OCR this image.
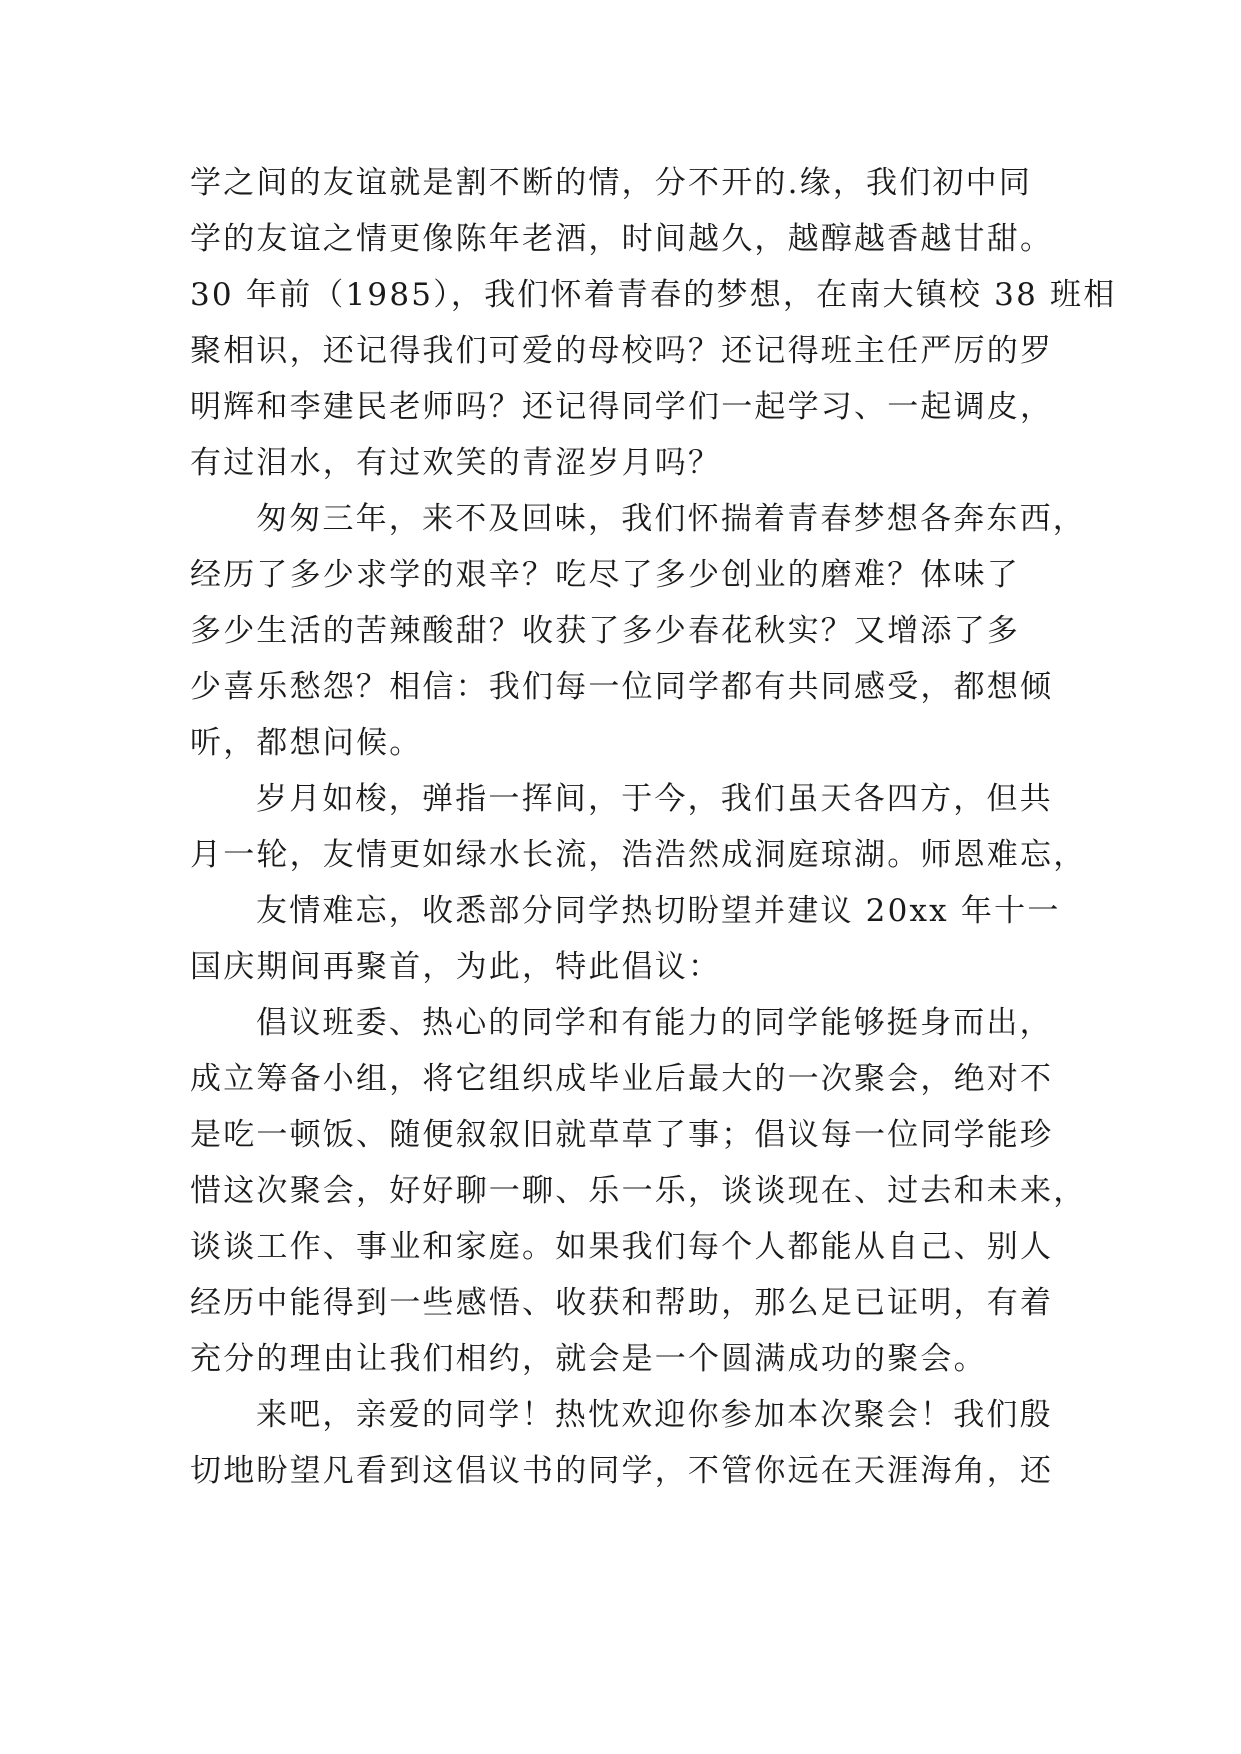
学之间的友谊就是割不断的情，分不开的.缘，我们初中同
学的友谊之情更像陈年老酒，时间越久，越醇越香越甘甜。
30 年前（1985），我们怀着青春的梦想，在南大镇校 38 班相
聚相识，还记得我们可爱的母校吗？还记得班主任严厉的罗
明辉和李建民老师吗？还记得同学们一起学习、一起调皮，
有过泪水，有过欢笑的青涩岁月吗？
匆匆三年，来不及回味，我们怀揣着青春梦想各奔东西，
经历了多少求学的艰辛？吃尽了多少创业的磨难？体味了
多少生活的苦辣酸甜？收获了多少春花秋实？又增添了多
少喜乐愁怨？相信：我们每一位同学都有共同感受，都想倾
听，都想问候。
岁月如梭，弹指一挥间，于今，我们虽天各四方，但共
月一轮，友情更如绿水长流，浩浩然成洞庭琼湖。师恩难忘，
友情难忘，收悉部分同学热切盼望并建议 20xx 年十一
国庆期间再聚首，为此，特此倡议：
倡议班委、热心的同学和有能力的同学能够挺身而出，
成立筹备小组，将它组织成毕业后最大的一次聚会，绝对不
是吃一顿饭、随便叙叙旧就草草了事；倡议每一位同学能珍
惜这次聚会，好好聊一聊、乐一乐，谈谈现在、过去和未来，
谈谈工作、事业和家庭。如果我们每个人都能从自己、别人
经历中能得到一些感悟、收获和帮助，那么足已证明，有着
充分的理由让我们相约，就会是一个圆满成功的聚会。
来吧，亲爱的同学！热忱欢迎你参加本次聚会！我们殷
切地盼望凡看到这倡议书的同学，不管你远在天涯海角，还
